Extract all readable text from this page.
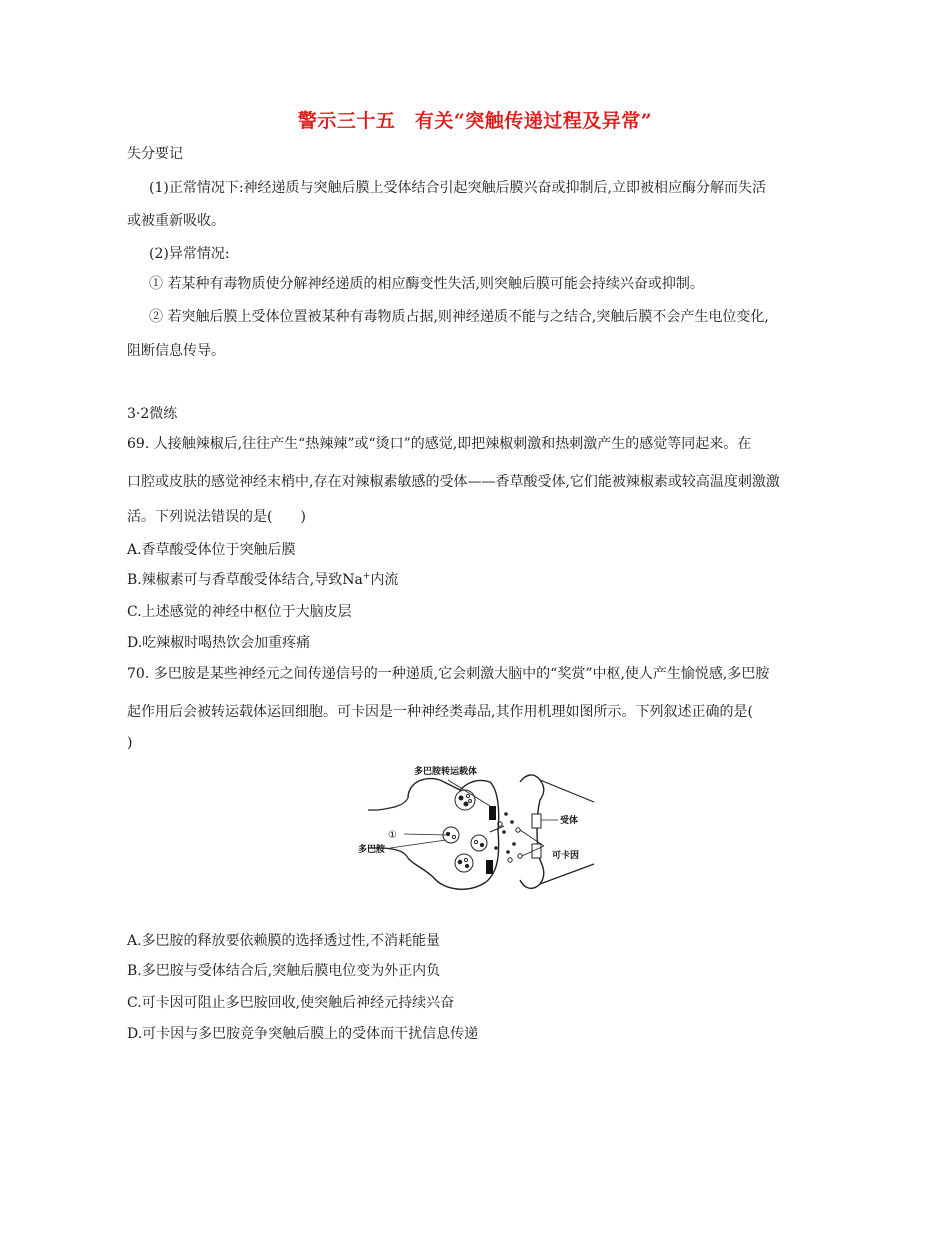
警示三十五　有关“突触传递过程及异常”
失分要记
(1)正常情况下:神经递质与突触后膜上受体结合引起突触后膜兴奋或抑制后,立即被相应酶分解而失活
或被重新吸收。
(2)异常情况:
① 若某种有毒物质使分解神经递质的相应酶变性失活,则突触后膜可能会持续兴奋或抑制。
② 若突触后膜上受体位置被某种有毒物质占据,则神经递质不能与之结合,突触后膜不会产生电位变化,
阻断信息传导。
3·2微练
69. 人接触辣椒后,往往产生“热辣辣”或“烫口”的感觉,即把辣椒刺激和热刺激产生的感觉等同起来。在
口腔或皮肤的感觉神经末梢中,存在对辣椒素敏感的受体——香草酸受体,它们能被辣椒素或较高温度刺激激
活。下列说法错误的是(　　)
A.香草酸受体位于突触后膜
B.辣椒素可与香草酸受体结合,导致Na+内流
C.上述感觉的神经中枢位于大脑皮层
D.吃辣椒时喝热饮会加重疼痛
70. 多巴胺是某些神经元之间传递信号的一种递质,它会刺激大脑中的“奖赏”中枢,使人产生愉悦感,多巴胺
起作用后会被转运载体运回细胞。可卡因是一种神经类毒品,其作用机理如图所示。下列叙述正确的是(
)
多巴胺转运载体
受体
①
多巴胺
可卡因
A.多巴胺的释放要依赖膜的选择透过性,不消耗能量
B.多巴胺与受体结合后,突触后膜电位变为外正内负
C.可卡因可阻止多巴胺回收,使突触后神经元持续兴奋
D.可卡因与多巴胺竞争突触后膜上的受体而干扰信息传递
